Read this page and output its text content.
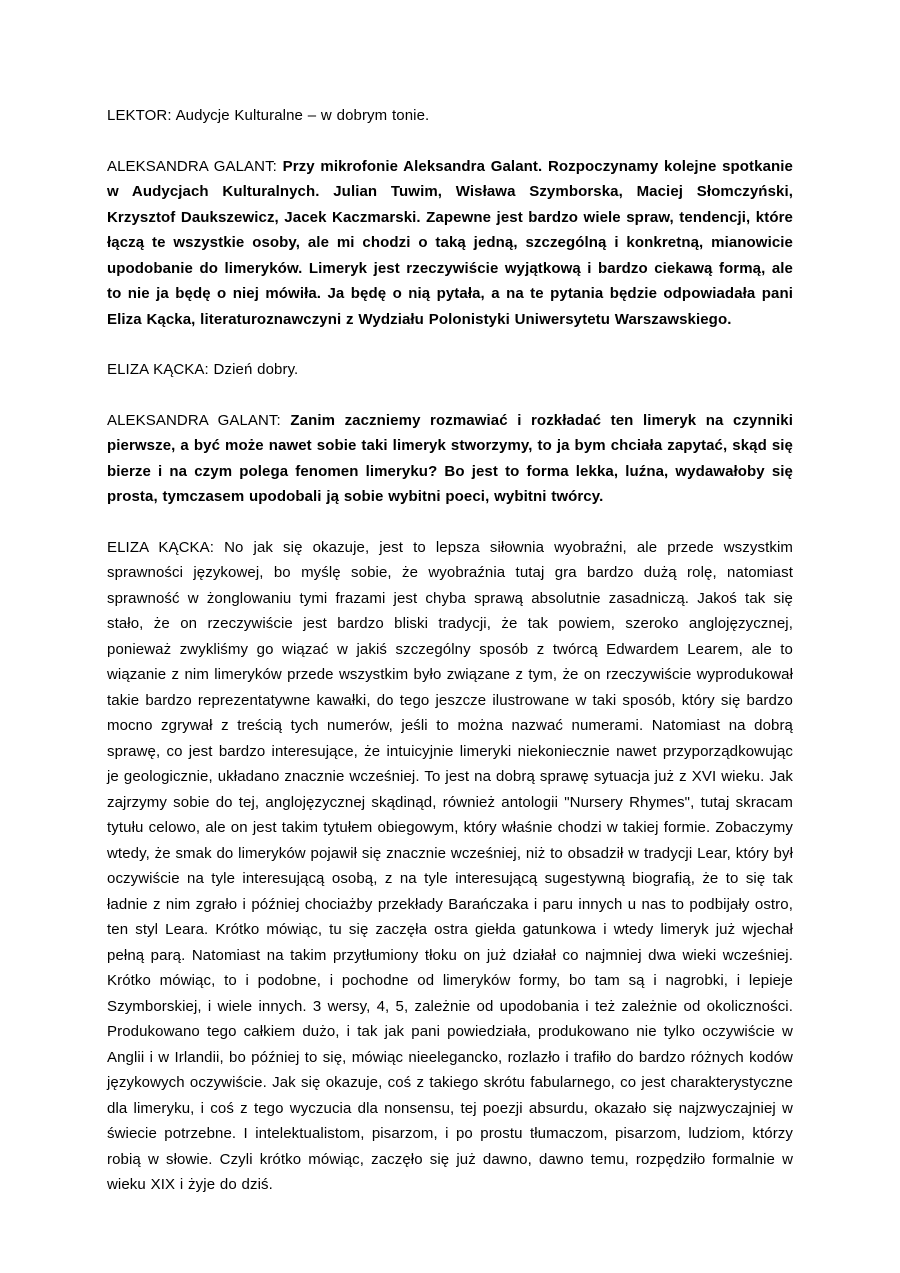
LEKTOR: Audycje Kulturalne – w dobrym tonie.

ALEKSANDRA GALANT: Przy mikrofonie Aleksandra Galant. Rozpoczynamy kolejne spotkanie w Audycjach Kulturalnych. Julian Tuwim, Wisława Szymborska, Maciej Słomczyński, Krzysztof Daukszewicz, Jacek Kaczmarski. Zapewne jest bardzo wiele spraw, tendencji, które łączą te wszystkie osoby, ale mi chodzi o taką jedną, szczególną i konkretną, mianowicie upodobanie do limeryków. Limeryk jest rzeczywiście wyjątkową i bardzo ciekawą formą, ale to nie ja będę o niej mówiła. Ja będę o nią pytała, a na te pytania będzie odpowiadała pani Eliza Kącka, literaturoznawczyni z Wydziału Polonistyki Uniwersytetu Warszawskiego.

ELIZA KĄCKA: Dzień dobry.

ALEKSANDRA GALANT: Zanim zaczniemy rozmawiać i rozkładać ten limeryk na czynniki pierwsze, a być może nawet sobie taki limeryk stworzymy, to ja bym chciała zapytać, skąd się bierze i na czym polega fenomen limeryku? Bo jest to forma lekka, luźna, wydawałoby się prosta, tymczasem upodobali ją sobie wybitni poeci, wybitni twórcy.

ELIZA KĄCKA: No jak się okazuje, jest to lepsza siłownia wyobraźni, ale przede wszystkim sprawności językowej, bo myślę sobie, że wyobraźnia tutaj gra bardzo dużą rolę, natomiast sprawność w żonglowaniu tymi frazami jest chyba sprawą absolutnie zasadniczą. Jakoś tak się stało, że on rzeczywiście jest bardzo bliski tradycji, że tak powiem, szeroko anglojęzycznej, ponieważ zwykliśmy go wiązać w jakiś szczególny sposób z twórcą Edwardem Learem, ale to wiązanie z nim limeryków przede wszystkim było związane z tym, że on rzeczywiście wyprodukował takie bardzo reprezentatywne kawałki, do tego jeszcze ilustrowane w taki sposób, który się bardzo mocno zgrywał z treścią tych numerów, jeśli to można nazwać numerami. Natomiast na dobrą sprawę, co jest bardzo interesujące, że intuicyjnie limeryki niekoniecznie nawet przyporządkowując je geologicznie, układano znacznie wcześniej. To jest na dobrą sprawę sytuacja już z XVI wieku. Jak zajrzymy sobie do tej, anglojęzycznej skądinąd, również antologii "Nursery Rhymes", tutaj skracam tytułu celowo, ale on jest takim tytułem obiegowym, który właśnie chodzi w takiej formie. Zobaczymy wtedy, że smak do limeryków pojawił się znacznie wcześniej, niż to obsadził w tradycji Lear, który był oczywiście na tyle interesującą osobą, z na tyle interesującą sugestywną biografią, że to się tak ładnie z nim zgrało i później chociażby przekłady Barańczaka i paru innych u nas to podbijały ostro, ten styl Leara. Krótko mówiąc, tu się zaczęła ostra giełda gatunkowa i wtedy limeryk już wjechał pełną parą. Natomiast na takim przytłumiony tłoku on już działał co najmniej dwa wieki wcześniej. Krótko mówiąc, to i podobne, i pochodne od limeryków formy, bo tam są i nagrobki, i lepieje Szymborskiej, i wiele innych. 3 wersy, 4, 5, zależnie od upodobania i też zależnie od okoliczności. Produkowano tego całkiem dużo, i tak jak pani powiedziała, produkowano nie tylko oczywiście w Anglii i w Irlandii, bo później to się, mówiąc nieelegancko, rozlazło i trafiło do bardzo różnych kodów językowych oczywiście. Jak się okazuje, coś z takiego skrótu fabularnego, co jest charakterystyczne dla limeryku, i coś z tego wyczucia dla nonsensu, tej poezji absurdu, okazało się najzwyczajniej w świecie potrzebne. I intelektualistom, pisarzom, i po prostu tłumaczom, pisarzom, ludziom, którzy robią w słowie. Czyli krótko mówiąc, zaczęło się już dawno, dawno temu, rozpędziło formalnie w wieku XIX i żyje do dziś.
